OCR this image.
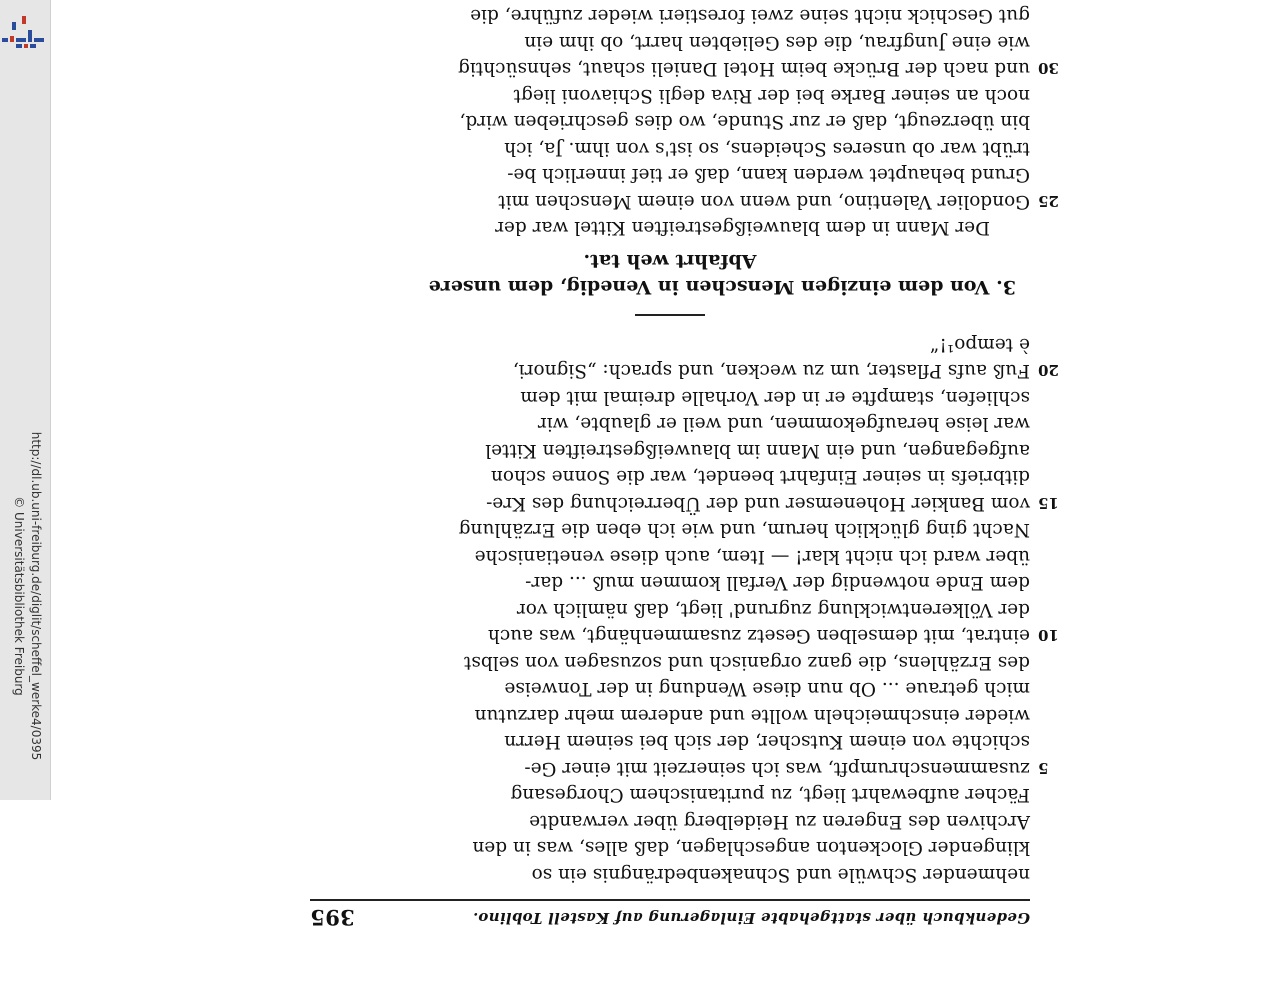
http://dl.ub.uni-freiburg.de/diglit/scheffel_werke4/0395
© Universitätsbibliothek Freiburg
Gedenkbuch über stattgehabte Einlagerung auf Kastell Toblino.
395
nehmender Schwüle und Schnakenbedrängnis ein so
klingender Glockenton angeschlagen, daß alles, was in den
Archiven des Engeren zu Heidelberg über verwandte
Fächer aufbewahrt liegt, zu puritanischem Chorgesang
5
zusammenschrumpft, was ich seinerzeit mit einer Ge-
schichte von einem Kutscher, der sich bei seinem Herrn
wieder einschmeicheln wollte und anderem mehr darzutun
mich getraue ... Ob nun diese Wendung in der Tonweise
des Erzählens, die ganz organisch und sozusagen von selbst
10
eintrat, mit demselben Gesetz zusammenhängt, was auch
der Völkerentwicklung zugrund' liegt, daß nämlich vor
dem Ende notwendig der Verfall kommen muß ... dar-
über ward ich nicht klar! — Item, auch diese venetianische
Nacht ging glücklich herum, und wie ich eben die Erzählung
15
vom Bankier Hohenemser und der Überreichung des Kre-
ditbriefs in seiner Einfahrt beendet, war die Sonne schon
aufgegangen, und ein Mann im blauweißgestreiften Kittel
war leise heraufgekommen, und weil er glaubte, wir
schliefen, stampfte er in der Vorhalle dreimal mit dem
20
Fuß aufs Pflaster, um zu wecken, und sprach: „Signori,
è tempo¹!“
3. Von dem einzigen Menschen in Venedig, dem unsere
Abfahrt weh tat.
Der Mann in dem blauweißgestreiften Kittel war der
25
Gondolier Valentino, und wenn von einem Menschen mit
Grund behauptet werden kann, daß er tief innerlich be-
trübt war ob unseres Scheidens, so ist's von ihm. Ja, ich
bin überzeugt, daß er zur Stunde, wo dies geschrieben wird,
noch an seiner Barke bei der Riva degli Schiavoni liegt
30
und nach der Brücke beim Hotel Danieli schaut, sehnsüchtig
wie eine Jungfrau, die des Geliebten harrt, ob ihm ein
gut Geschick nicht seine zwei forestieri wieder zuführe, die
